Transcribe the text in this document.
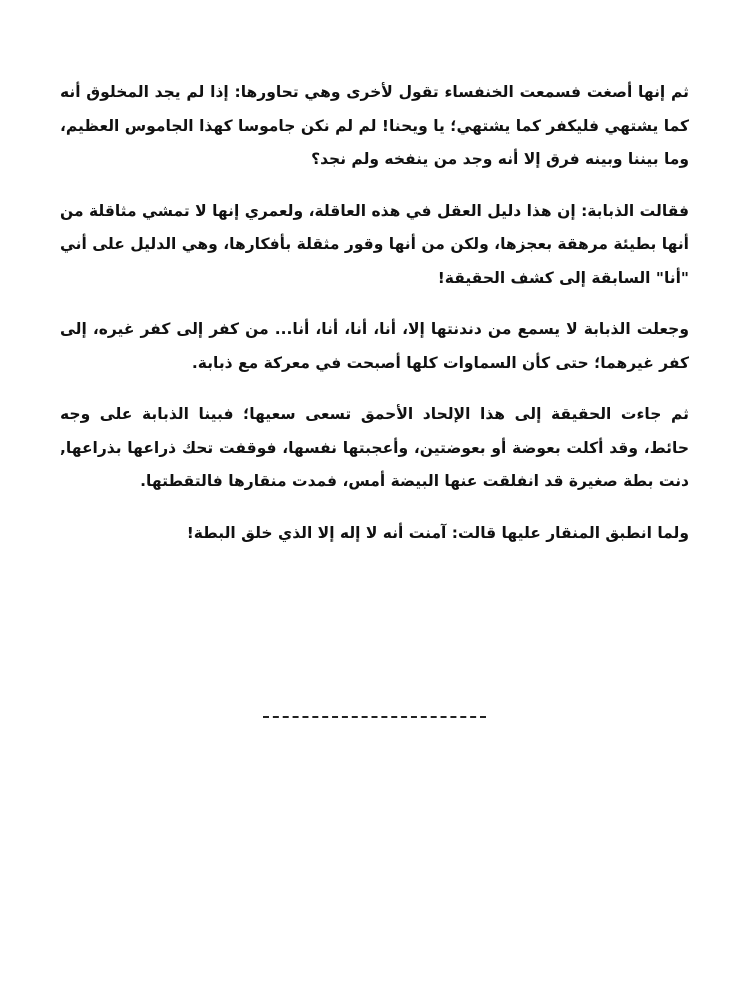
ثم إنها أصغت فسمعت الخنفساء تقول لأخرى وهي تحاورها: إذا لم يجد المخلوق أنه كما يشتهي فليكفر كما يشتهي؛ يا ويحنا! لم لم نكن جاموسا كهذا الجاموس العظيم، وما بيننا وبينه فرق إلا أنه وجد من ينفخه ولم نجد؟

فقالت الذبابة: إن هذا دليل العقل في هذه العاقلة، ولعمري إنها لا تمشي مثاقلة من أنها بطيئة مرهقة بعجزها، ولكن من أنها وقور مثقلة بأفكارها، وهي الدليل على أني "أنا" السابقة إلى كشف الحقيقة!

وجعلت الذبابة لا يسمع من دندنتها إلا، أنا، أنا، أنا، أنا... من كفر إلى كفر غيره، إلى كفر غيرهما؛ حتى كأن السماوات كلها أصبحت في معركة مع ذبابة.

ثم جاءت الحقيقة إلى هذا الإلحاد الأحمق تسعى سعيها؛ فبينا الذبابة على وجه حائط، وقد أكلت بعوضة أو بعوضتين، وأعجبتها نفسها، فوقفت تحك ذراعها بذراعها, دنت بطة صغيرة قد انفلقت عنها البيضة أمس، فمدت منقارها فالتقطتها.

ولما انطبق المنقار عليها قالت: آمنت أنه لا إله إلا الذي خلق البطة!
